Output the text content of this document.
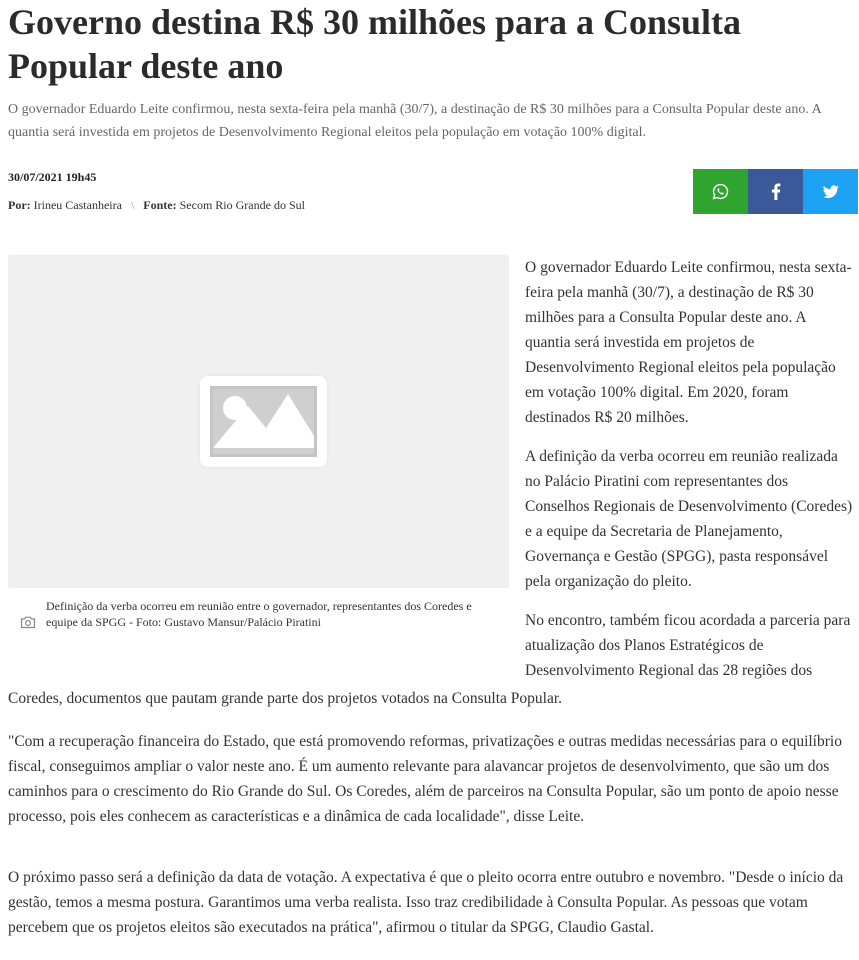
Governo destina R$ 30 milhões para a Consulta Popular deste ano

O governador Eduardo Leite confirmou, nesta sexta-feira pela manhã (30/7), a destinação de R$ 30 milhões para a Consulta Popular deste ano. A quantia será investida em projetos de Desenvolvimento Regional eleitos pela população em votação 100% digital.

30/07/2021 19h45
Por: Irineu Castanheira \ Fonte: Secom Rio Grande do Sul
Definição da verba ocorreu em reunião entre o governador, representantes dos Coredes e equipe da SPGG - Foto: Gustavo Mansur/Palácio Piratini

O governador Eduardo Leite confirmou, nesta sexta-feira pela manhã (30/7), a destinação de R$ 30 milhões para a Consulta Popular deste ano. A quantia será investida em projetos de Desenvolvimento Regional eleitos pela população em votação 100% digital. Em 2020, foram destinados R$ 20 milhões.

A definição da verba ocorreu em reunião realizada no Palácio Piratini com representantes dos Conselhos Regionais de Desenvolvimento (Coredes) e a equipe da Secretaria de Planejamento, Governança e Gestão (SPGG), pasta responsável pela organização do pleito.

No encontro, também ficou acordada a parceria para atualização dos Planos Estratégicos de Desenvolvimento Regional das 28 regiões dos

Coredes, documentos que pautam grande parte dos projetos votados na Consulta Popular.

"Com a recuperação financeira do Estado, que está promovendo reformas, privatizações e outras medidas necessárias para o equilíbrio fiscal, conseguimos ampliar o valor neste ano. É um aumento relevante para alavancar projetos de desenvolvimento, que são um dos caminhos para o crescimento do Rio Grande do Sul. Os Coredes, além de parceiros na Consulta Popular, são um ponto de apoio nesse processo, pois eles conhecem as características e a dinâmica de cada localidade", disse Leite.

O próximo passo será a definição da data de votação. A expectativa é que o pleito ocorra entre outubro e novembro. "Desde o início da gestão, temos a mesma postura. Garantimos uma verba realista. Isso traz credibilidade à Consulta Popular. As pessoas que votam percebem que os projetos eleitos são executados na prática", afirmou o titular da SPGG, Claudio Gastal.
